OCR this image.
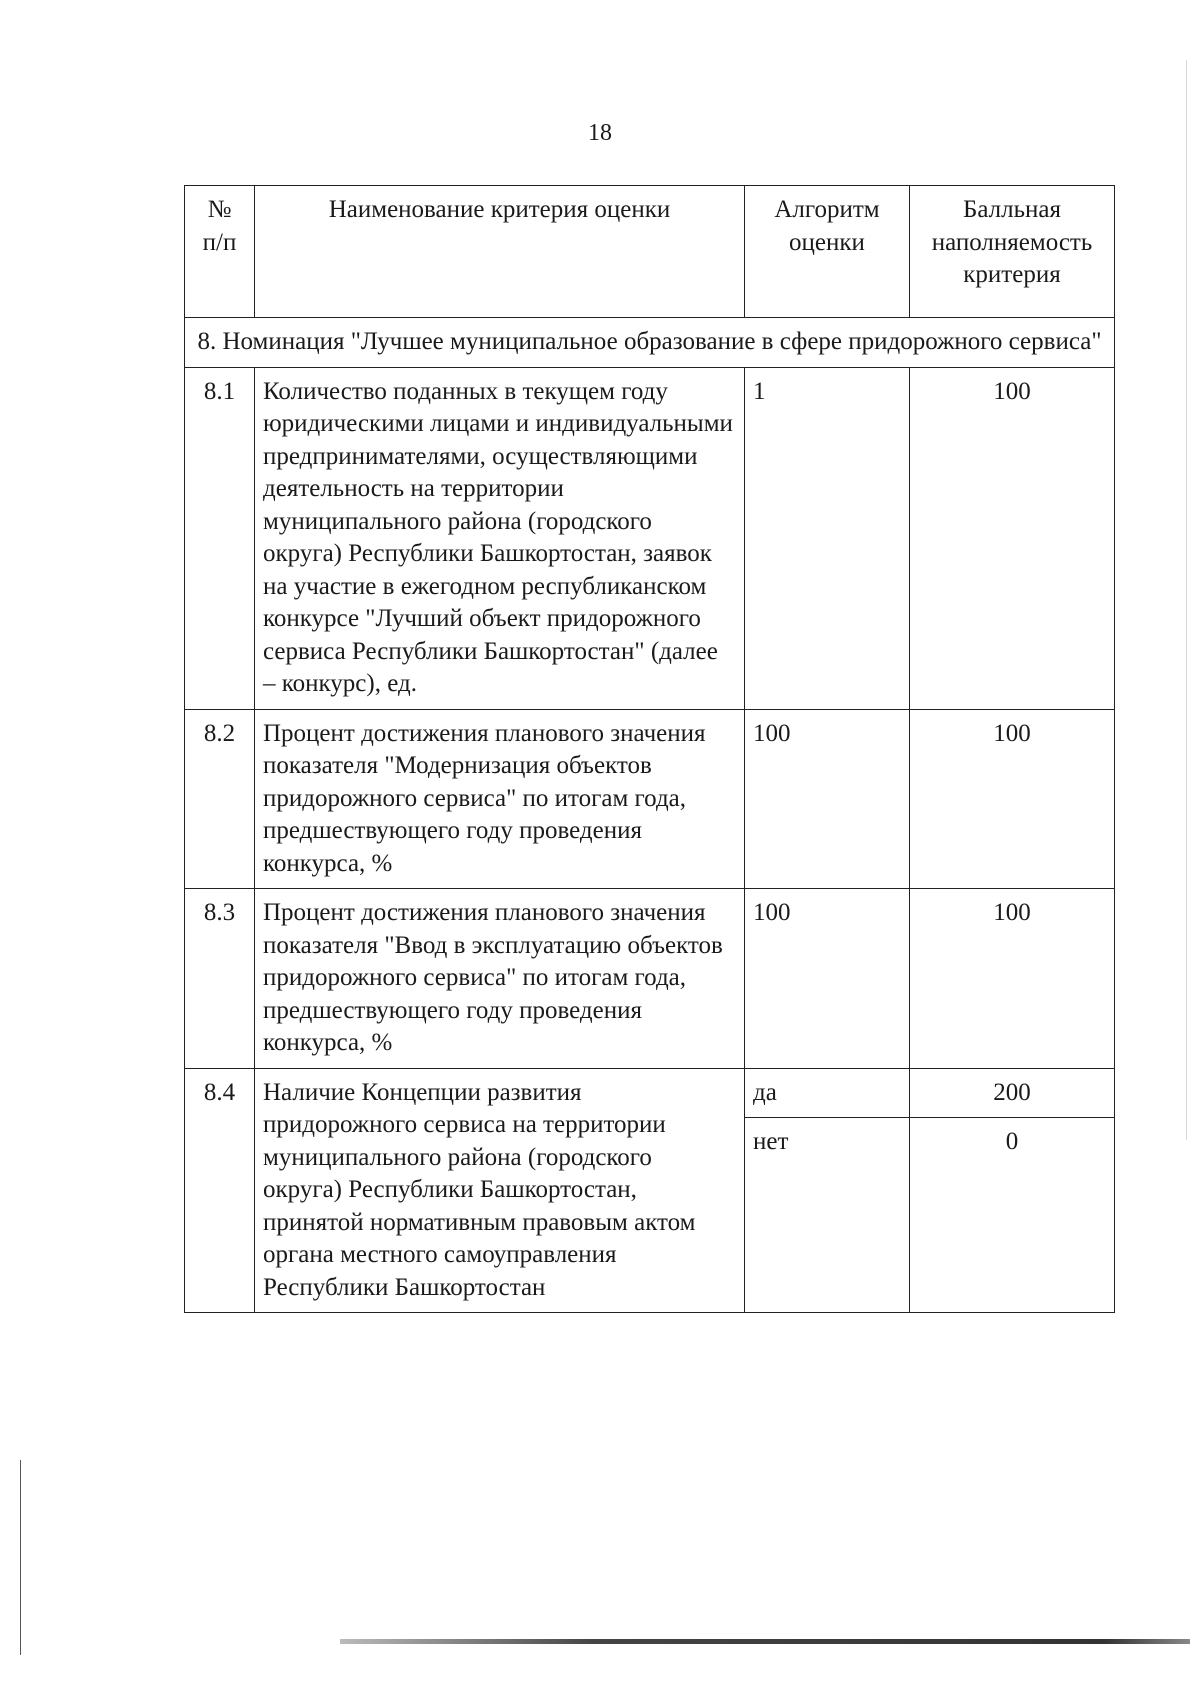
18
№
п/п	Наименование критерия оценки	Алгоритм оценки	Балльная наполняемость критерия
8. Номинация "Лучшее муниципальное образование в сфере придорожного сервиса"			
8.1	Количество поданных в текущем году юридическими лицами и индивидуальными предпринимателями, осуществляющими деятельность на территории муниципального района (городского округа) Республики Башкортостан, заявок на участие в ежегодном республиканском конкурсе "Лучший объект придорожного сервиса Республики Башкортостан" (далее – конкурс), ед.	1	100
8.2	Процент достижения планового значения показателя "Модернизация объектов придорожного сервиса" по итогам года, предшествующего году проведения конкурса, %	100	100
8.3	Процент достижения планового значения показателя "Ввод в эксплуатацию объектов придорожного сервиса" по итогам года, предшествующего году проведения конкурса, %	100	100
8.4	Наличие Концепции развития придорожного сервиса на территории муниципального района (городского округа) Республики Башкортостан, принятой нормативным правовым актом органа местного самоуправления Республики Башкортостан	да	200
		нет	0
